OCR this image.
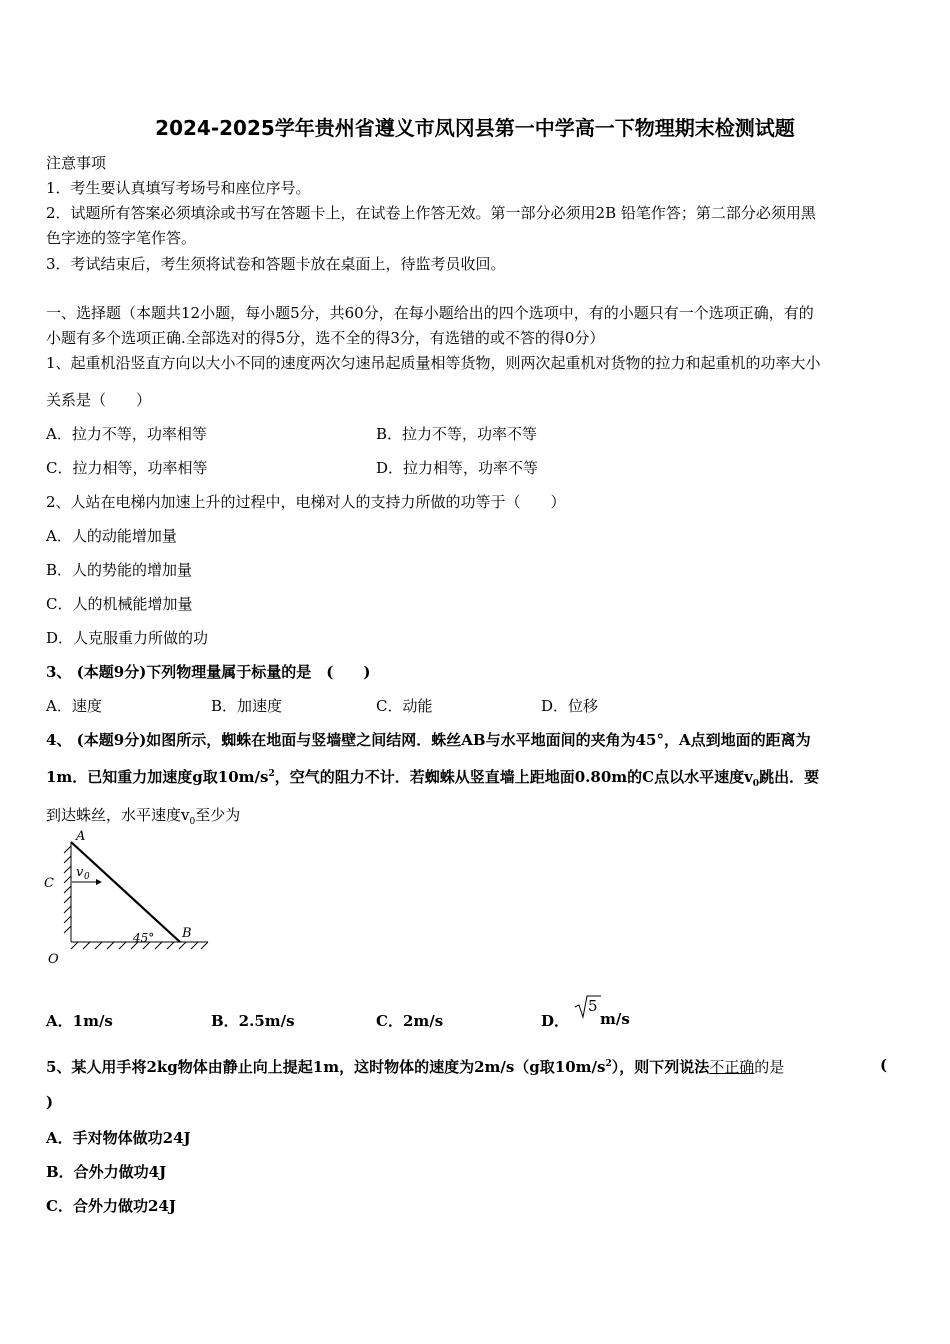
2024-2025学年贵州省遵义市凤冈县第一中学高一下物理期末检测试题
注意事项
1．考生要认真填写考场号和座位序号。
2．试题所有答案必须填涂或书写在答题卡上，在试卷上作答无效。第一部分必须用2B 铅笔作答；第二部分必须用黑
色字迹的签字笔作答。
3．考试结束后，考生须将试卷和答题卡放在桌面上，待监考员收回。
一、选择题（本题共12小题，每小题5分，共60分，在每小题给出的四个选项中，有的小题只有一个选项正确，有的
小题有多个选项正确.全部选对的得5分，选不全的得3分，有选错的或不答的得0分）
1、起重机沿竖直方向以大小不同的速度两次匀速吊起质量相等货物，则两次起重机对货物的拉力和起重机的功率大小
关系是（　　）
A．拉力不等，功率相等	B．拉力不等，功率不等
C．拉力相等，功率相等	D．拉力相等，功率不等
2、人站在电梯内加速上升的过程中，电梯对人的支持力所做的功等于（　　）
A．人的动能增加量
B．人的势能的增加量
C．人的机械能增加量
D．人克服重力所做的功
3、 (本题9分)下列物理量属于标量的是　(　　)
A．速度	B．加速度	C．动能	D．位移
4、 (本题9分)如图所示，蜘蛛在地面与竖墙壁之间结网．蛛丝AB与水平地面间的夹角为45°，A点到地面的距离为
1m．已知重力加速度g取$10m/s^2$，空气的阻力不计．若蜘蛛从竖直墙上距地面0.80m的C点以水平速度$v_0$跳出．要
到达蛛丝，水平速度$v_0$至少为
A
C
O
B
v 0
45°
A．1m/s	B．2.5m/s	C．2m/s	D．
5
m/s
5、某人用手将2kg物体由静止向上提起1m，这时物体的速度为2m/s（g取$10m/s^2$），则下列说法不正确的是	(
)
A．手对物体做功24J
B．合外力做功4J
C．合外力做功24J
